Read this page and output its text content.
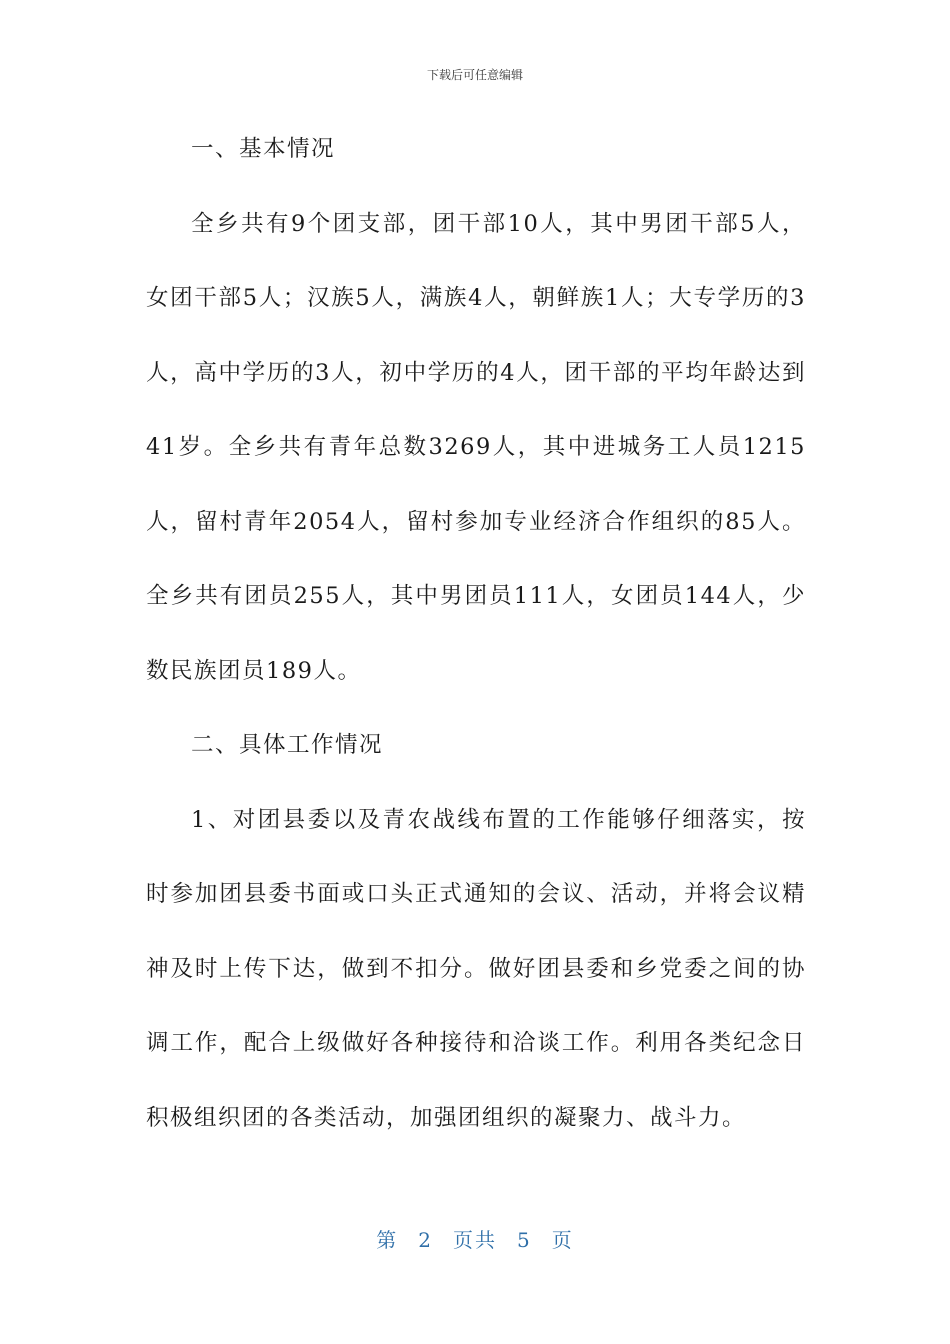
下载后可任意编辑

一、基本情况

全乡共有9个团支部，团干部10人，其中男团干部5人，女团干部5人；汉族5人，满族4人，朝鲜族1人；大专学历的3人，高中学历的3人，初中学历的4人，团干部的平均年龄达到41岁。全乡共有青年总数3269人，其中进城务工人员1215人，留村青年2054人，留村参加专业经济合作组织的85人。全乡共有团员255人，其中男团员111人，女团员144人，少数民族团员189人。

二、具体工作情况

1、对团县委以及青农战线布置的工作能够仔细落实，按时参加团县委书面或口头正式通知的会议、活动，并将会议精神及时上传下达，做到不扣分。做好团县委和乡党委之间的协调工作，配合上级做好各种接待和洽谈工作。利用各类纪念日积极组织团的各类活动，加强团组织的凝聚力、战斗力。

第 2 页共 5 页
